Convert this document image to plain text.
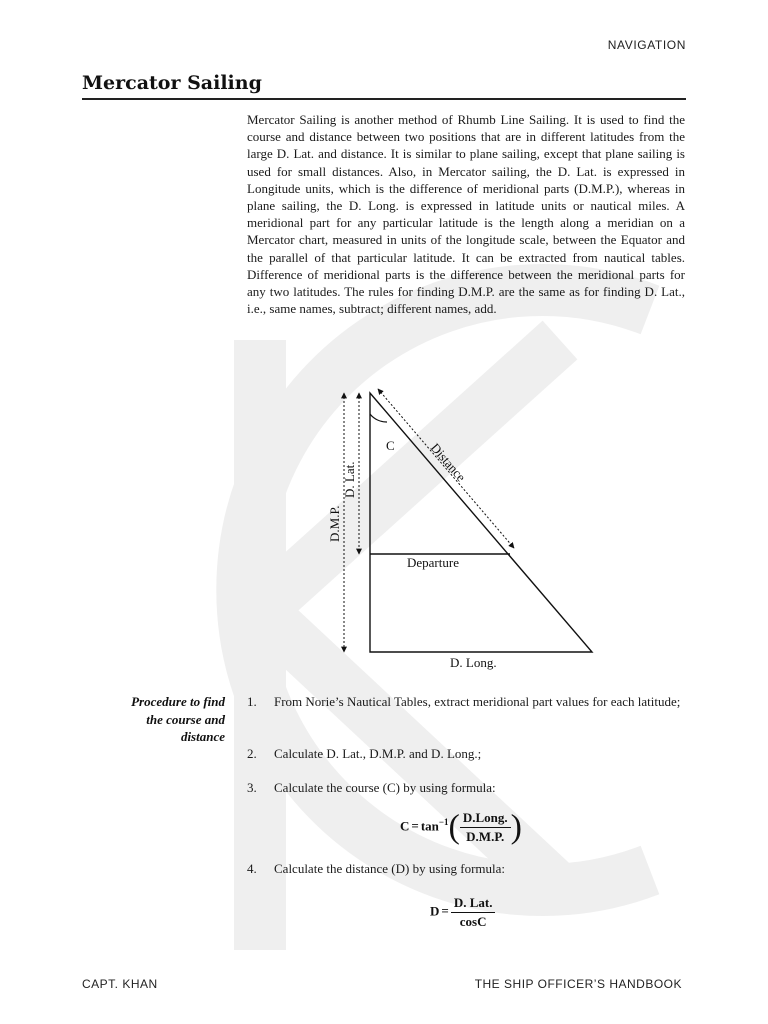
NAVIGATION
Mercator Sailing
Mercator Sailing is another method of Rhumb Line Sailing. It is used to find the course and distance between two positions that are in different latitudes from the large D. Lat. and distance. It is similar to plane sailing, except that plane sailing is used for small distances. Also, in Mercator sailing, the D. Lat. is expressed in Longitude units, which is the difference of meridional parts (D.M.P.), whereas in plane sailing, the D. Long. is expressed in latitude units or nautical miles. A meridional part for any particular latitude is the length along a meridian on a Mercator chart, measured in units of the longitude scale, between the Equator and the parallel of that particular latitude. It can be extracted from nautical tables. Difference of meridional parts is the difference between the meridional parts for any two latitudes. The rules for finding D.M.P. are the same as for finding D. Lat., i.e., same names, subtract; different names, add.
C	Distance
Departure
D. Long.
D. Lat.
D.M.P.
Procedure to find
the course and
distance
1. From Norie’s Nautical Tables, extract meridional part values for each latitude;
2. Calculate D. Lat., D.M.P. and D. Long.;
3. Calculate the course (C) by using formula:
4. Calculate the distance (D) by using formula:
$C = \tan^{-1}( \frac{\text{D.Long.}}{D.M.P.}$ )
$D = \frac{\text{D. Lat.}}{\cos C}$
CAPT. KHAN	THE SHIP OFFICER’S HANDBOOK
